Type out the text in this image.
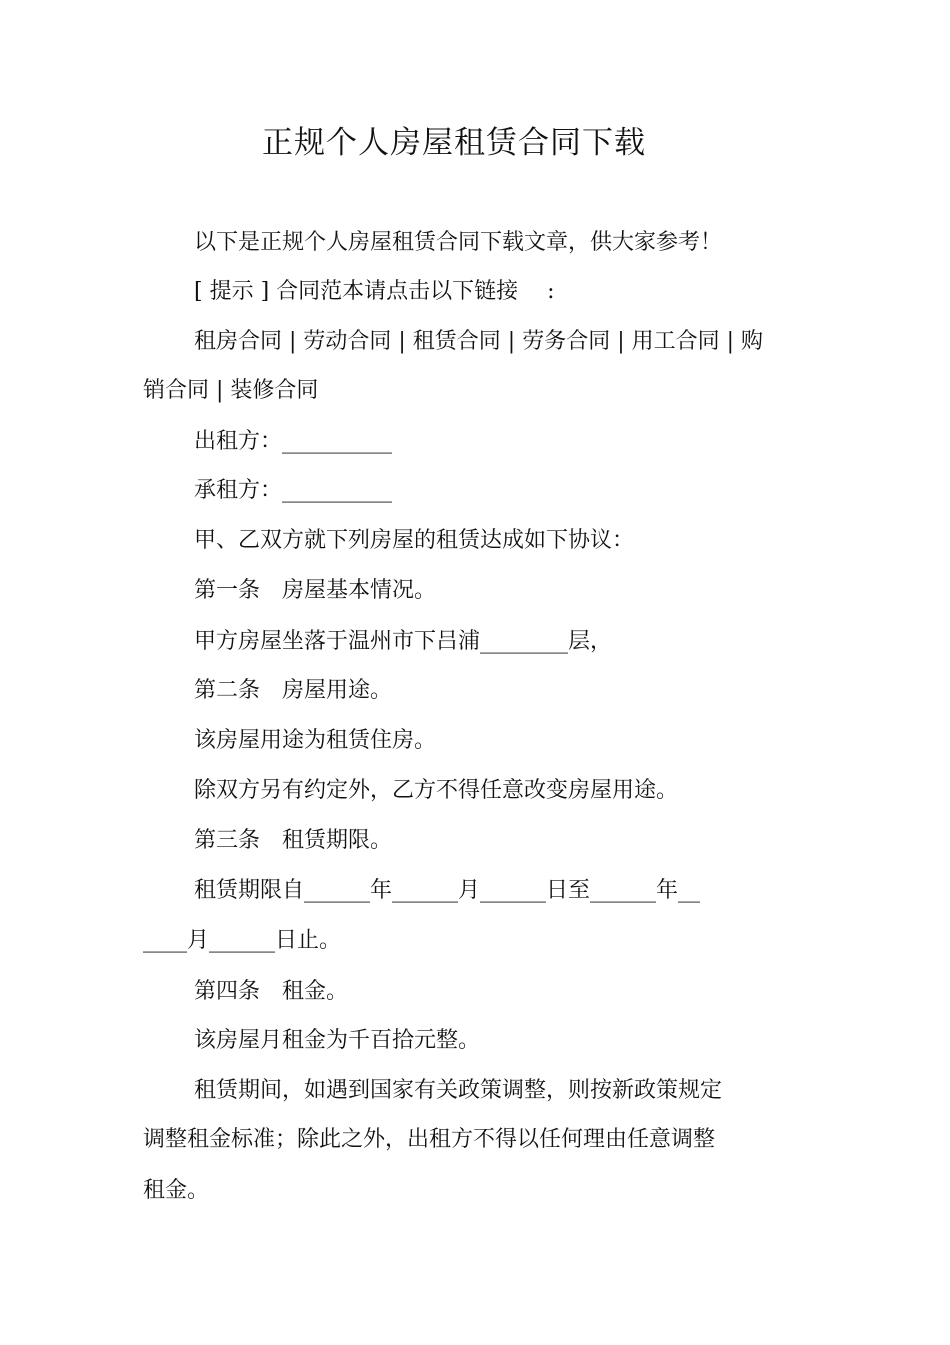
正规个人房屋租赁合同下载
以下是正规个人房屋租赁合同下载文章，供大家参考！
[ 提示 ] 合同范本请点击以下链接　 :
租房合同 | 劳动合同 | 租赁合同 | 劳务合同 | 用工合同 | 购
销合同 | 装修合同
出租方：__________
承租方：__________
甲、乙双方就下列房屋的租赁达成如下协议：
第一条　房屋基本情况。
甲方房屋坐落于温州市下吕浦________层，
第二条　房屋用途。
该房屋用途为租赁住房。
除双方另有约定外，乙方不得任意改变房屋用途。
第三条　租赁期限。
租赁期限自______年______月______日至______年__
____月______日止。
第四条　租金。
该房屋月租金为千百拾元整。
租赁期间，如遇到国家有关政策调整，则按新政策规定
调整租金标准；除此之外，出租方不得以任何理由任意调整
租金。
